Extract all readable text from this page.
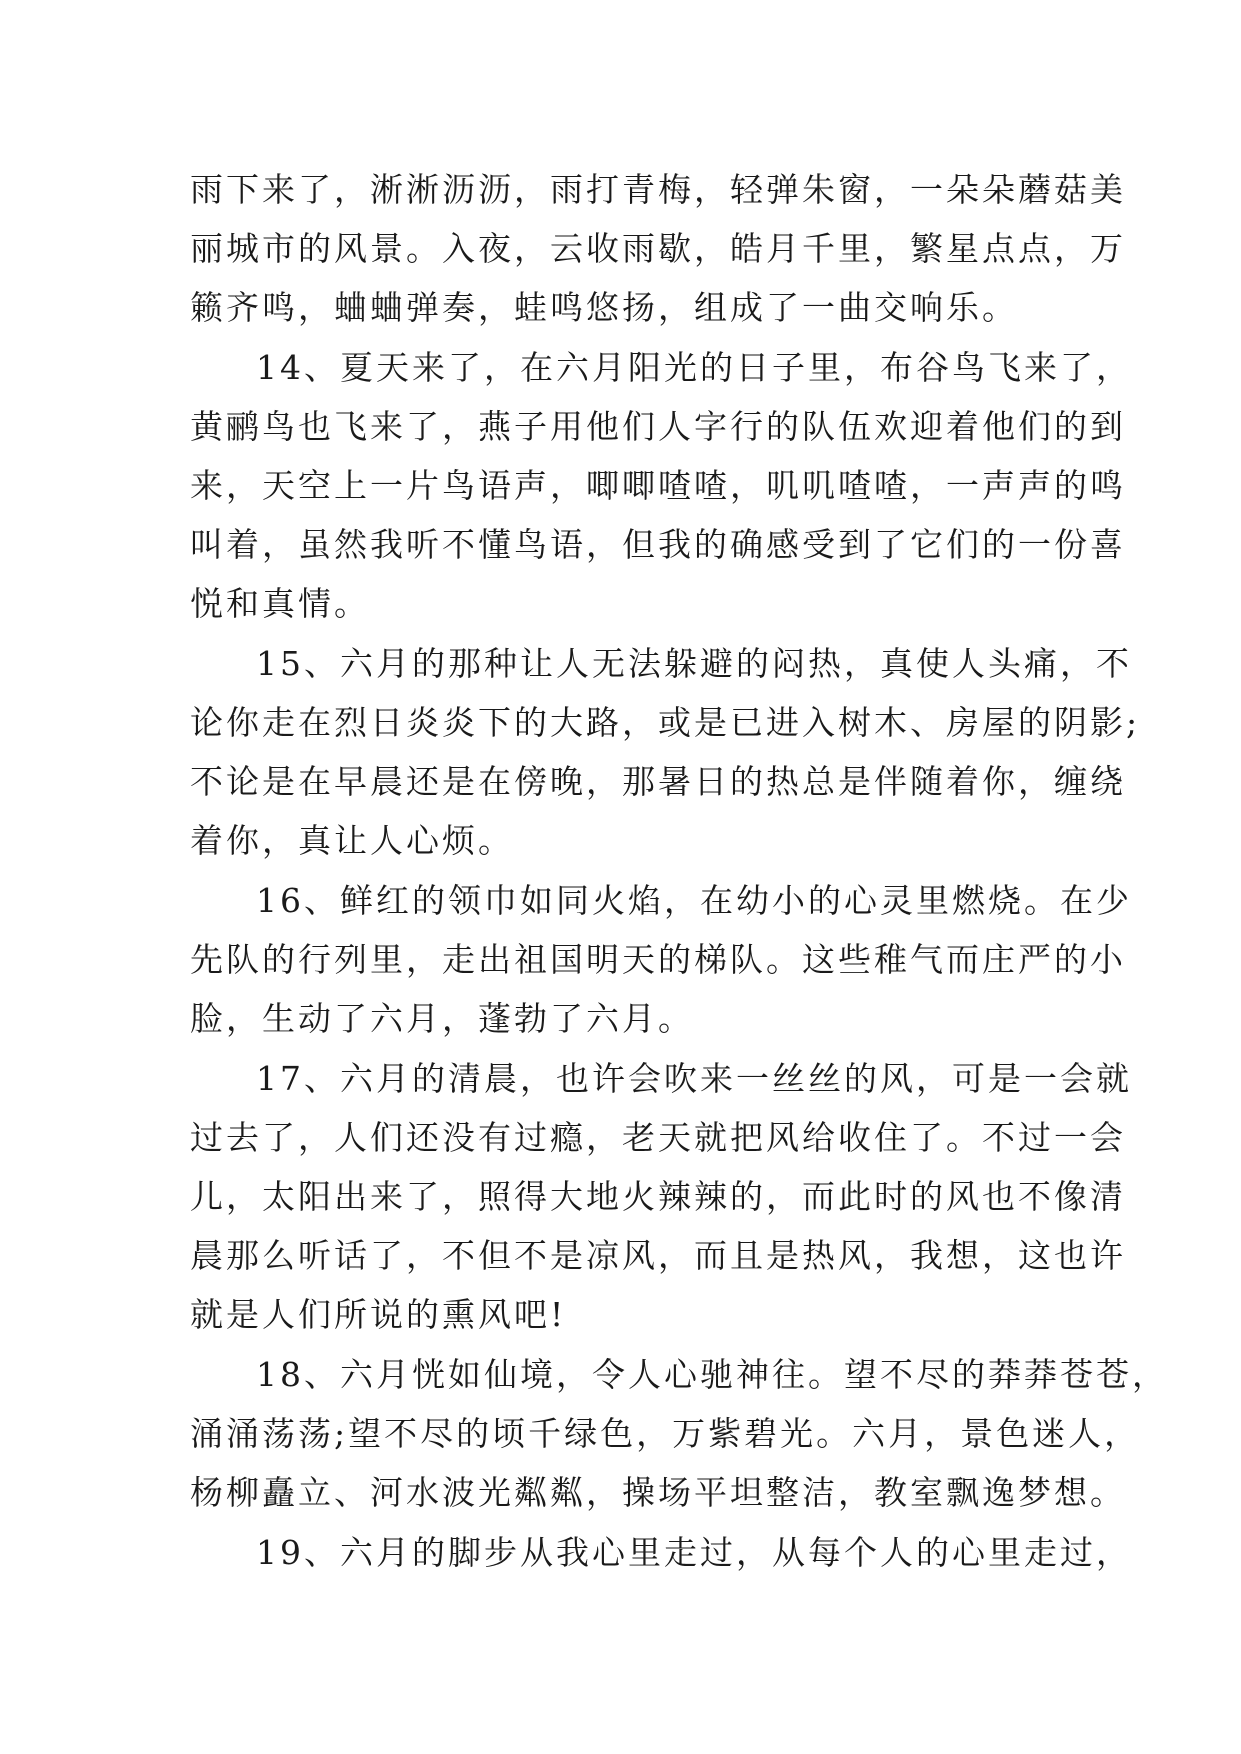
雨下来了，淅淅沥沥，雨打青梅，轻弹朱窗，一朵朵蘑菇美
丽城市的风景。入夜，云收雨歇，皓月千里，繁星点点，万
籁齐鸣，蛐蛐弹奏，蛙鸣悠扬，组成了一曲交响乐。
14、夏天来了，在六月阳光的日子里，布谷鸟飞来了，
黄鹂鸟也飞来了，燕子用他们人字行的队伍欢迎着他们的到
来，天空上一片鸟语声，唧唧喳喳，叽叽喳喳，一声声的鸣
叫着，虽然我听不懂鸟语，但我的确感受到了它们的一份喜
悦和真情。
15、六月的那种让人无法躲避的闷热，真使人头痛，不
论你走在烈日炎炎下的大路，或是已进入树木、房屋的阴影;
不论是在早晨还是在傍晚，那暑日的热总是伴随着你，缠绕
着你，真让人心烦。
16、鲜红的领巾如同火焰，在幼小的心灵里燃烧。在少
先队的行列里，走出祖国明天的梯队。这些稚气而庄严的小
脸，生动了六月，蓬勃了六月。
17、六月的清晨，也许会吹来一丝丝的风，可是一会就
过去了，人们还没有过瘾，老天就把风给收住了。不过一会
儿，太阳出来了，照得大地火辣辣的，而此时的风也不像清
晨那么听话了，不但不是凉风，而且是热风，我想，这也许
就是人们所说的熏风吧!
18、六月恍如仙境，令人心驰神往。望不尽的莽莽苍苍，
涌涌荡荡;望不尽的顷千绿色，万紫碧光。六月，景色迷人，
杨柳矗立、河水波光粼粼，操场平坦整洁，教室飘逸梦想。
19、六月的脚步从我心里走过，从每个人的心里走过，
